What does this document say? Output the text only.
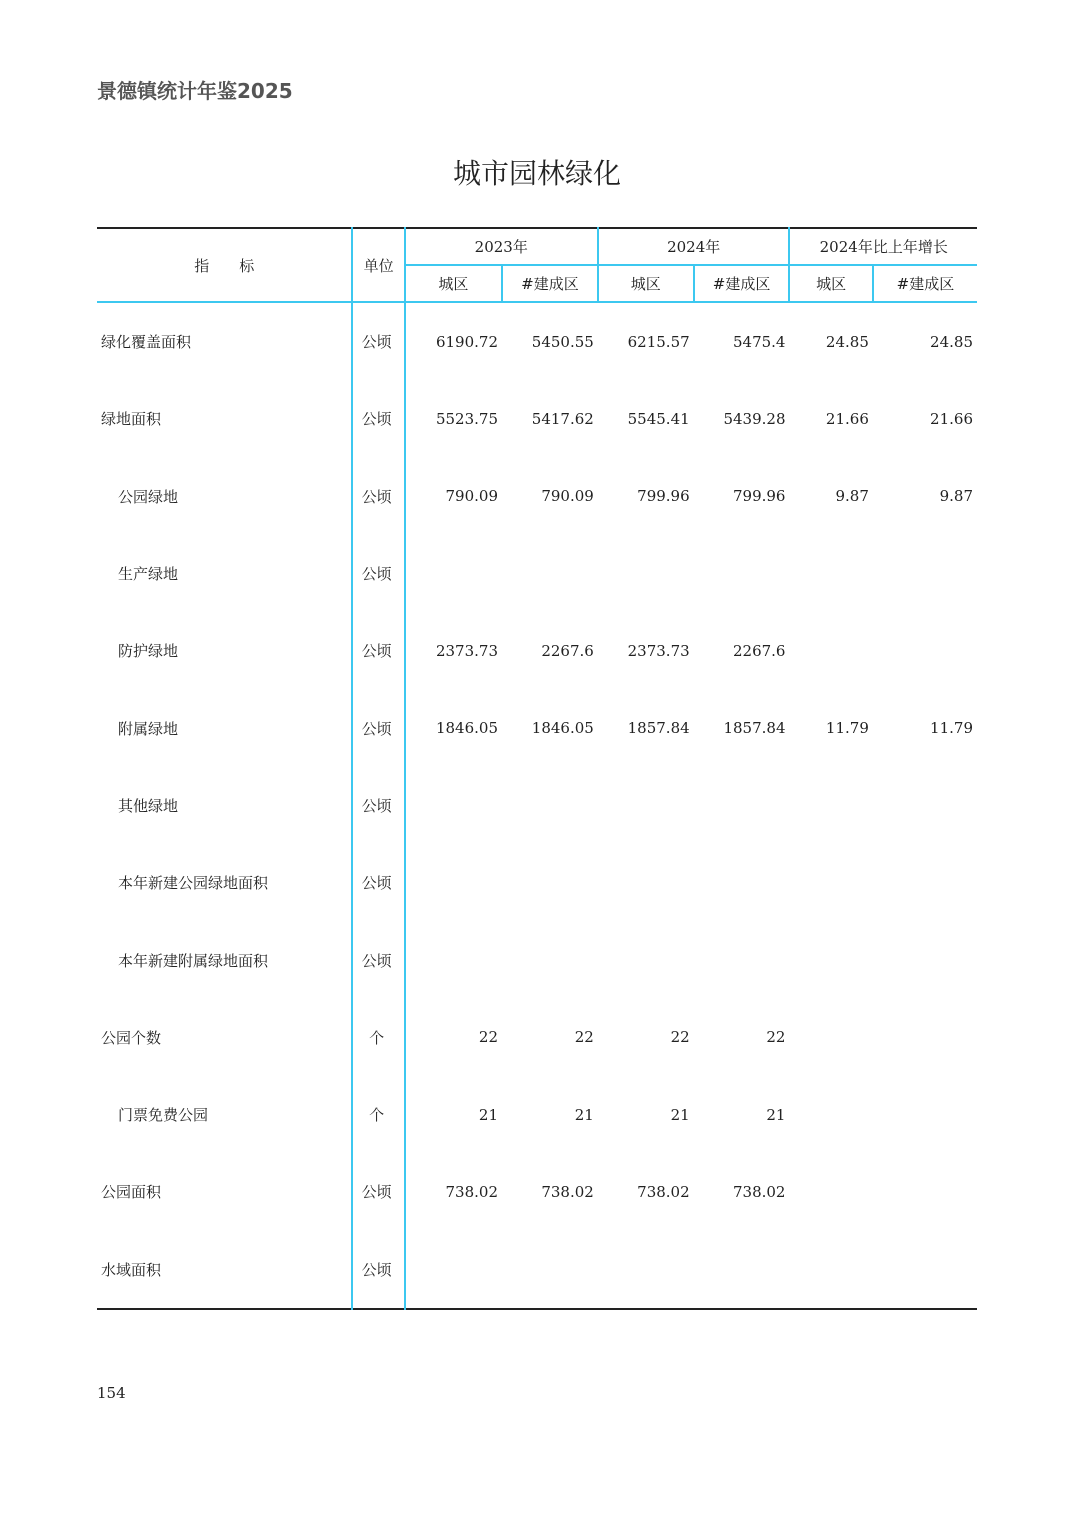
景德镇统计年鉴2025
城市园林绿化
指　　标	单位	2023年		2024年		2024年比上年增长	
		城区	#建成区	城区	#建成区	城区	#建成区
绿化覆盖面积	公顷	6190.72	5450.55	6215.57	5475.4	24.85	24.85
绿地面积	公顷	5523.75	5417.62	5545.41	5439.28	21.66	21.66
公园绿地	公顷	790.09	790.09	799.96	799.96	9.87	9.87
生产绿地	公顷						
防护绿地	公顷	2373.73	2267.6	2373.73	2267.6		
附属绿地	公顷	1846.05	1846.05	1857.84	1857.84	11.79	11.79
其他绿地	公顷						
本年新建公园绿地面积	公顷						
本年新建附属绿地面积	公顷						
公园个数	个	22	22	22	22		
门票免费公园	个	21	21	21	21		
公园面积	公顷	738.02	738.02	738.02	738.02		
水域面积	公顷						
154
